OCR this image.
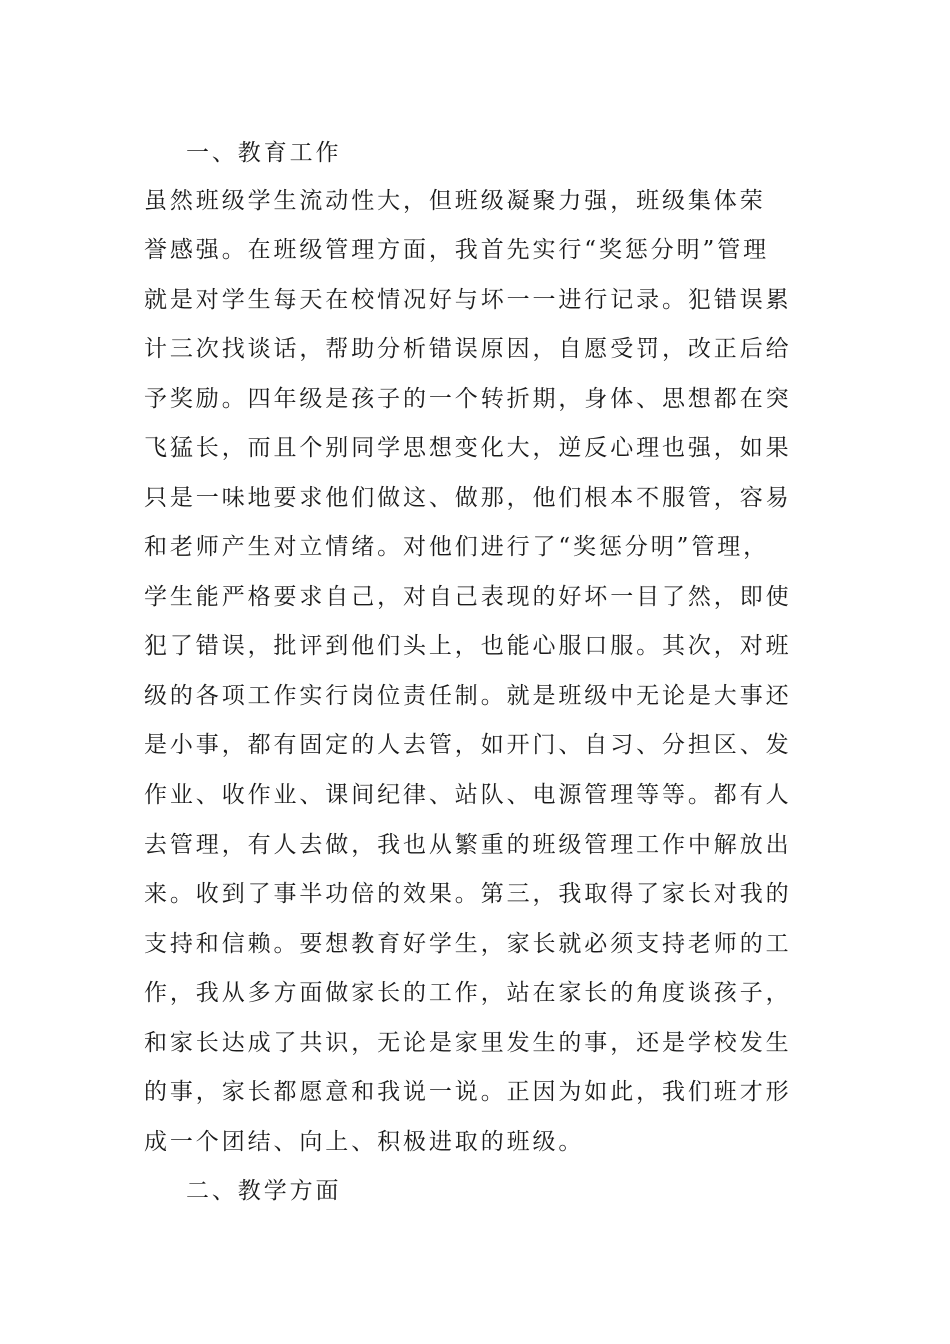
一、教育工作
虽然班级学生流动性大，但班级凝聚力强，班级集体荣
誉感强。在班级管理方面，我首先实行“奖惩分明”管理
就是对学生每天在校情况好与坏一一进行记录。犯错误累
计三次找谈话，帮助分析错误原因，自愿受罚，改正后给
予奖励。四年级是孩子的一个转折期，身体、思想都在突
飞猛长，而且个别同学思想变化大，逆反心理也强，如果
只是一味地要求他们做这、做那，他们根本不服管，容易
和老师产生对立情绪。对他们进行了“奖惩分明”管理，
学生能严格要求自己，对自己表现的好坏一目了然，即使
犯了错误，批评到他们头上，也能心服口服。其次，对班
级的各项工作实行岗位责任制。就是班级中无论是大事还
是小事，都有固定的人去管，如开门、自习、分担区、发
作业、收作业、课间纪律、站队、电源管理等等。都有人
去管理，有人去做，我也从繁重的班级管理工作中解放出
来。收到了事半功倍的效果。第三，我取得了家长对我的
支持和信赖。要想教育好学生，家长就必须支持老师的工
作，我从多方面做家长的工作，站在家长的角度谈孩子，
和家长达成了共识，无论是家里发生的事，还是学校发生
的事，家长都愿意和我说一说。正因为如此，我们班才形
成一个团结、向上、积极进取的班级。
二、教学方面
